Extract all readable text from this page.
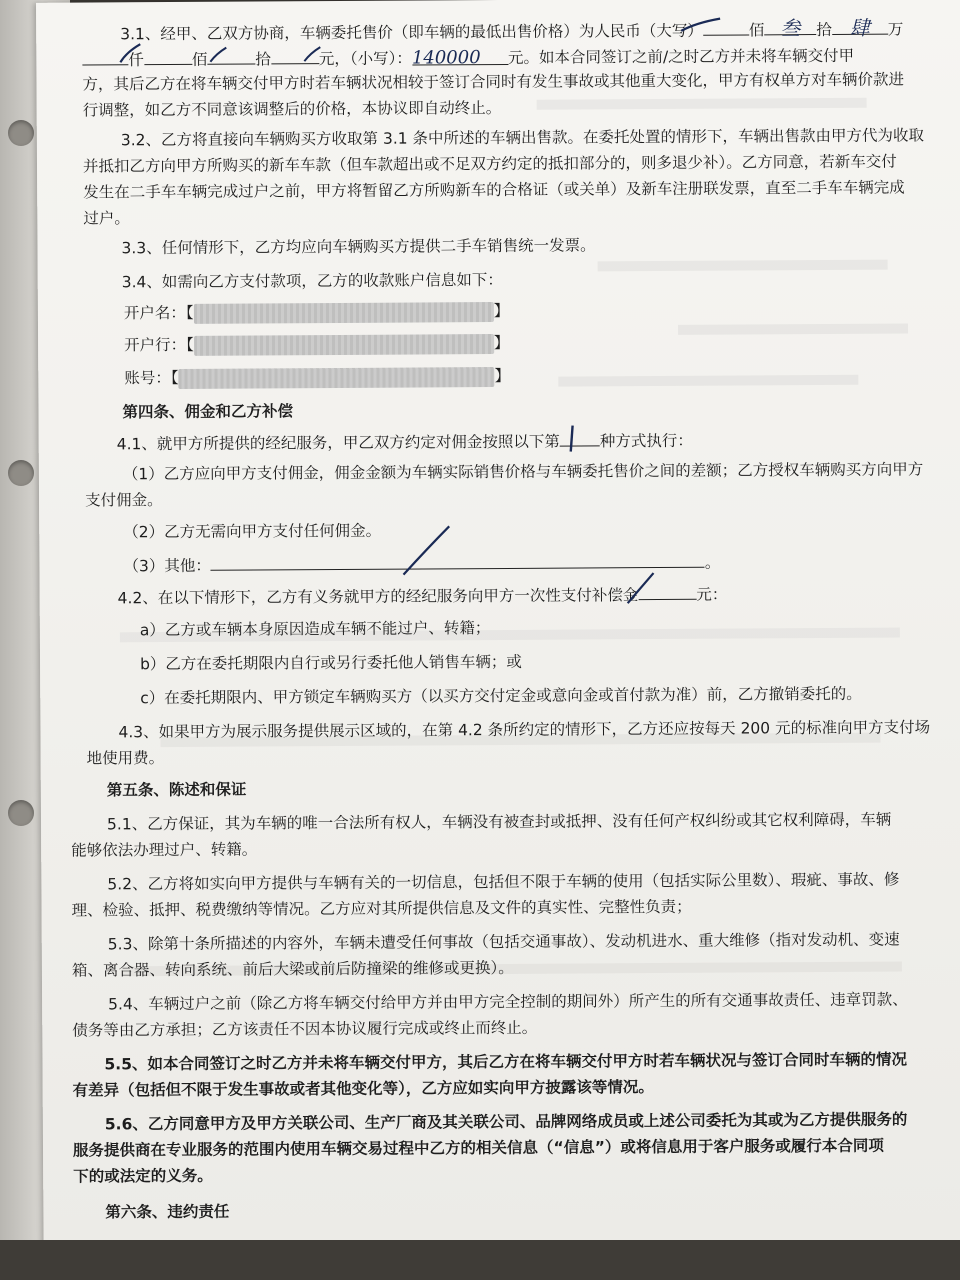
3.1、经甲、乙双方协商，车辆委托售价（即车辆的最低出售价格）为人民币（大写）	佰 叁 拾 肆 万
仟	佰	拾	元，（小写）：140000 元。如本合同签订之前/之时乙方并未将车辆交付甲
方，其后乙方在将车辆交付甲方时若车辆状况相较于签订合同时有发生事故或其他重大变化，甲方有权单方对车辆价款进
行调整，如乙方不同意该调整后的价格，本协议即自动终止。
3.2、乙方将直接向车辆购买方收取第 3.1 条中所述的车辆出售款。在委托处置的情形下，车辆出售款由甲方代为收取
并抵扣乙方向甲方所购买的新车车款（但车款超出或不足双方约定的抵扣部分的，则多退少补）。乙方同意，若新车交付
发生在二手车车辆完成过户之前，甲方将暂留乙方所购新车的合格证（或关单）及新车注册联发票，直至二手车车辆完成
过户。
3.3、任何情形下，乙方均应向车辆购买方提供二手车销售统一发票。
3.4、如需向乙方支付款项，乙方的收款账户信息如下：
开户名：【	】
开户行：【	】
账号：【	】
第四条、佣金和乙方补偿
4.1、就甲方所提供的经纪服务，甲乙双方约定对佣金按照以下第	种方式执行：
（1）乙方应向甲方支付佣金，佣金金额为车辆实际销售价格与车辆委托售价之间的差额；乙方授权车辆购买方向甲方
支付佣金。
（2）乙方无需向甲方支付任何佣金。
（3）其他：	。
4.2、在以下情形下，乙方有义务就甲方的经纪服务向甲方一次性支付补偿金	元：
a）乙方或车辆本身原因造成车辆不能过户、转籍；
b）乙方在委托期限内自行或另行委托他人销售车辆；或
c）在委托期限内、甲方锁定车辆购买方（以买方交付定金或意向金或首付款为准）前，乙方撤销委托的。
4.3、如果甲方为展示服务提供展示区域的，在第 4.2 条所约定的情形下，乙方还应按每天 200 元的标准向甲方支付场
地使用费。
第五条、陈述和保证
5.1、乙方保证，其为车辆的唯一合法所有权人，车辆没有被查封或抵押、没有任何产权纠纷或其它权利障碍，车辆
能够依法办理过户、转籍。
5.2、乙方将如实向甲方提供与车辆有关的一切信息，包括但不限于车辆的使用（包括实际公里数）、瑕疵、事故、修
理、检验、抵押、税费缴纳等情况。乙方应对其所提供信息及文件的真实性、完整性负责；
5.3、除第十条所描述的内容外，车辆未遭受任何事故（包括交通事故）、发动机进水、重大维修（指对发动机、变速
箱、离合器、转向系统、前后大梁或前后防撞梁的维修或更换）。
5.4、车辆过户之前（除乙方将车辆交付给甲方并由甲方完全控制的期间外）所产生的所有交通事故责任、违章罚款、
债务等由乙方承担；乙方该责任不因本协议履行完成或终止而终止。
5.5、如本合同签订之时乙方并未将车辆交付甲方，其后乙方在将车辆交付甲方时若车辆状况与签订合同时车辆的情况
有差异（包括但不限于发生事故或者其他变化等），乙方应如实向甲方披露该等情况。
5.6、乙方同意甲方及甲方关联公司、生产厂商及其关联公司、品牌网络成员或上述公司委托为其或为乙方提供服务的
服务提供商在专业服务的范围内使用车辆交易过程中乙方的相关信息（“信息”）或将信息用于客户服务或履行本合同项
下的或法定的义务。
第六条、违约责任
